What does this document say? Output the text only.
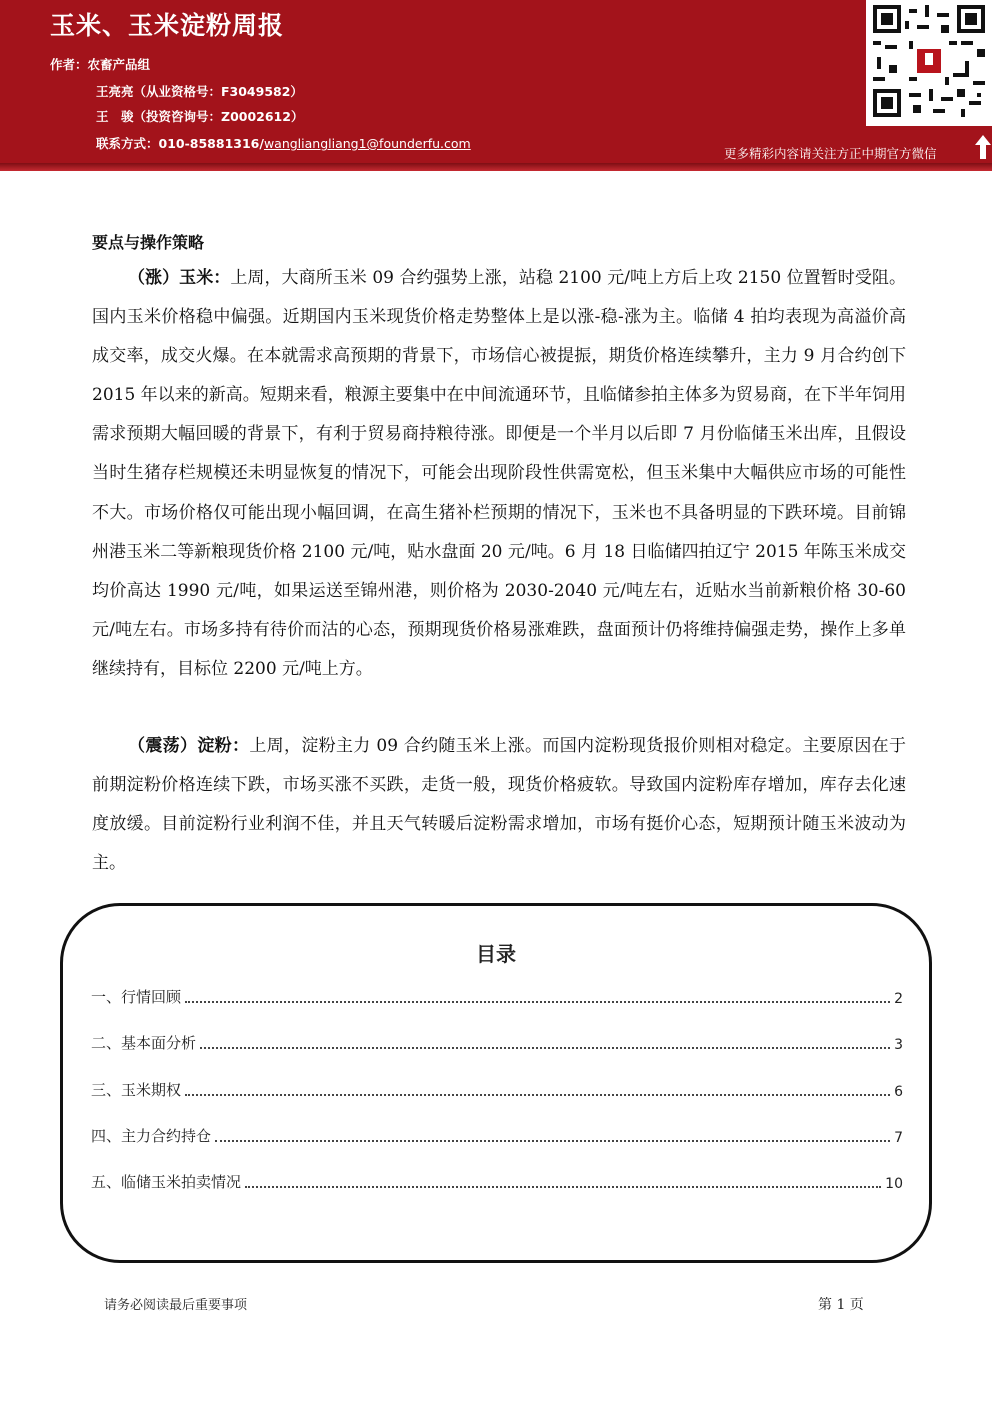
玉米、玉米淀粉周报
作者：农畜产品组
王亮亮（从业资格号：F3049582）
王　骏（投资咨询号：Z0002612）
联系方式：010-85881316/wangliangliang1@founderfu.com
更多精彩内容请关注方正中期官方微信
要点与操作策略
（涨）玉米：上周，大商所玉米 09 合约强势上涨，站稳 2100 元/吨上方后上攻 2150 位置暂时受阻。国内玉米价格稳中偏强。近期国内玉米现货价格走势整体上是以涨-稳-涨为主。临储 4 拍均表现为高溢价高成交率，成交火爆。在本就需求高预期的背景下，市场信心被提振，期货价格连续攀升，主力 9 月合约创下 2015 年以来的新高。短期来看，粮源主要集中在中间流通环节，且临储参拍主体多为贸易商，在下半年饲用需求预期大幅回暖的背景下，有利于贸易商持粮待涨。即便是一个半月以后即 7 月份临储玉米出库，且假设当时生猪存栏规模还未明显恢复的情况下，可能会出现阶段性供需宽松，但玉米集中大幅供应市场的可能性不大。市场价格仅可能出现小幅回调，在高生猪补栏预期的情况下，玉米也不具备明显的下跌环境。目前锦州港玉米二等新粮现货价格 2100 元/吨，贴水盘面 20 元/吨。6 月 18 日临储四拍辽宁 2015 年陈玉米成交均价高达 1990 元/吨，如果运送至锦州港，则价格为 2030-2040 元/吨左右，近贴水当前新粮价格 30-60 元/吨左右。市场多持有待价而沽的心态，预期现货价格易涨难跌，盘面预计仍将维持偏强走势，操作上多单继续持有，目标位 2200 元/吨上方。
（震荡）淀粉：上周，淀粉主力 09 合约随玉米上涨。而国内淀粉现货报价则相对稳定。主要原因在于前期淀粉价格连续下跌，市场买涨不买跌，走货一般，现货价格疲软。导致国内淀粉库存增加，库存去化速度放缓。目前淀粉行业利润不佳，并且天气转暖后淀粉需求增加，市场有挺价心态，短期预计随玉米波动为主。
目录
一、行情回顾	2
二、基本面分析	3
三、玉米期权	6
四、主力合约持仓	7
五、临储玉米拍卖情况	10
请务必阅读最后重要事项	第 1 页
